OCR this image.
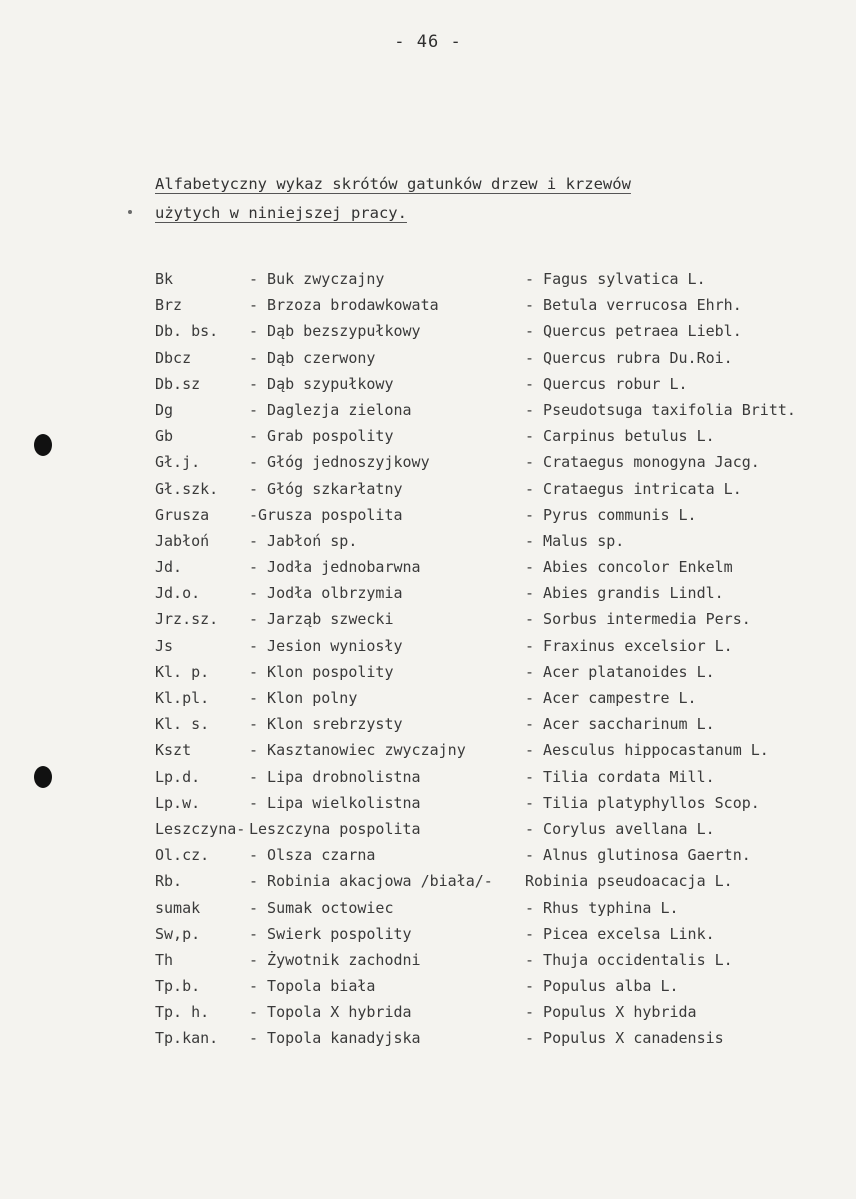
- 46 -
Alfabetyczny wykaz skrótów gatunków drzew i krzewów
użytych w niniejszej pracy.
Bk	- Buk zwyczajny	- Fagus sylvatica L.
Brz	- Brzoza brodawkowata	- Betula verrucosa Ehrh.
Db. bs. - Dąb bezszypułkowy	- Quercus petraea Liebl.
Dbcz	- Dąb czerwony	- Quercus rubra Du.Roi.
Db.sz	- Dąb szypułkowy	- Quercus robur L.
Dg	- Daglezja zielona	- Pseudotsuga taxifolia Britt.
Gb	- Grab pospolity	- Carpinus betulus L.
Gł.j.	- Głóg jednoszyjkowy	- Crataegus monogyna Jacg.
Gł.szk. - Głóg szkarłatny	- Crataegus intricata L.
Grusza	-Grusza pospolita	- Pyrus communis L.
Jabłoń	- Jabłoń sp.	- Malus sp.
Jd.	- Jodła jednobarwna	- Abies concolor Enkelm
Jd.o.	- Jodła olbrzymia	- Abies grandis Lindl.
Jrz.sz. - Jarząb szwecki	- Sorbus intermedia Pers.
Js	- Jesion wyniosły	- Fraxinus excelsior L.
Kl. p.	- Klon pospolity	- Acer platanoides L.
Kl.pl.	- Klon polny	- Acer campestre L.
Kl. s.	- Klon srebrzysty	- Acer saccharinum L.
Kszt	- Kasztanowiec zwyczajny	- Aesculus hippocastanum L.
Lp.d.	- Lipa drobnolistna	- Tilia cordata Mill.
Lp.w.	- Lipa wielkolistna	- Tilia platyphyllos Scop.
Leszczyna- Leszczyna pospolita	- Corylus avellana L.
Ol.cz.	- Olsza czarna	- Alnus glutinosa Gaertn.
Rb.	- Robinia akacjowa /biała/- Robinia pseudoacacja L.
sumak	- Sumak octowiec	- Rhus typhina L.
Sw,p.	- Swierk pospolity	- Picea excelsa Link.
Th	- Żywotnik zachodni	- Thuja occidentalis L.
Tp.b.	- Topola biała	- Populus alba L.
Tp. h.	- Topola X hybrida	- Populus X hybrida
Tp.kan. - Topola kanadyjska	- Populus X canadensis
